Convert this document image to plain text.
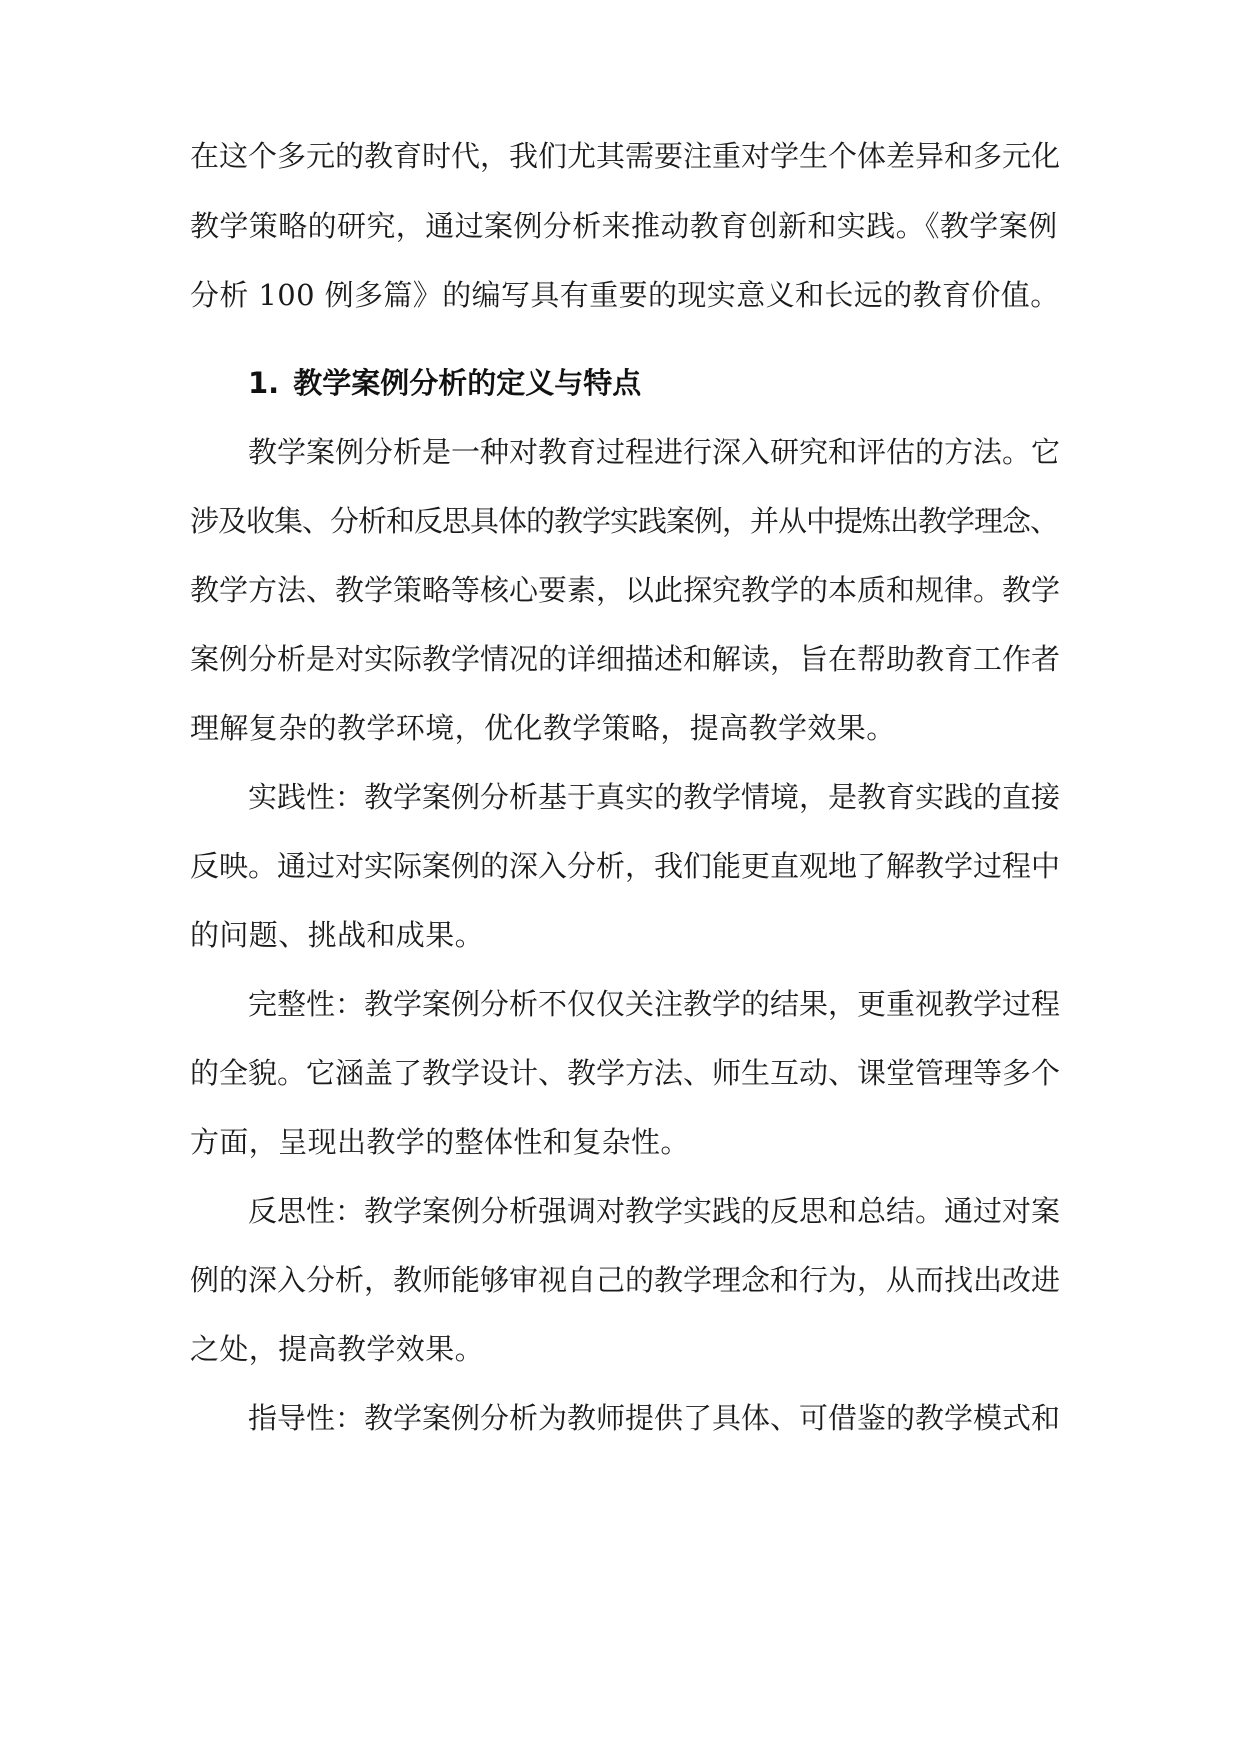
在这个多元的教育时代，我们尤其需要注重对学生个体差异和多元化
教学策略的研究，通过案例分析来推动教育创新和实践。《教学案例
分析 100 例多篇》的编写具有重要的现实意义和长远的教育价值。
1. 教学案例分析的定义与特点
教学案例分析是一种对教育过程进行深入研究和评估的方法。它
涉及收集、分析和反思具体的教学实践案例，并从中提炼出教学理念、
教学方法、教学策略等核心要素，以此探究教学的本质和规律。教学
案例分析是对实际教学情况的详细描述和解读，旨在帮助教育工作者
理解复杂的教学环境，优化教学策略，提高教学效果。
实践性：教学案例分析基于真实的教学情境，是教育实践的直接
反映。通过对实际案例的深入分析，我们能更直观地了解教学过程中
的问题、挑战和成果。
完整性：教学案例分析不仅仅关注教学的结果，更重视教学过程
的全貌。它涵盖了教学设计、教学方法、师生互动、课堂管理等多个
方面，呈现出教学的整体性和复杂性。
反思性：教学案例分析强调对教学实践的反思和总结。通过对案
例的深入分析，教师能够审视自己的教学理念和行为，从而找出改进
之处，提高教学效果。
指导性：教学案例分析为教师提供了具体、可借鉴的教学模式和
